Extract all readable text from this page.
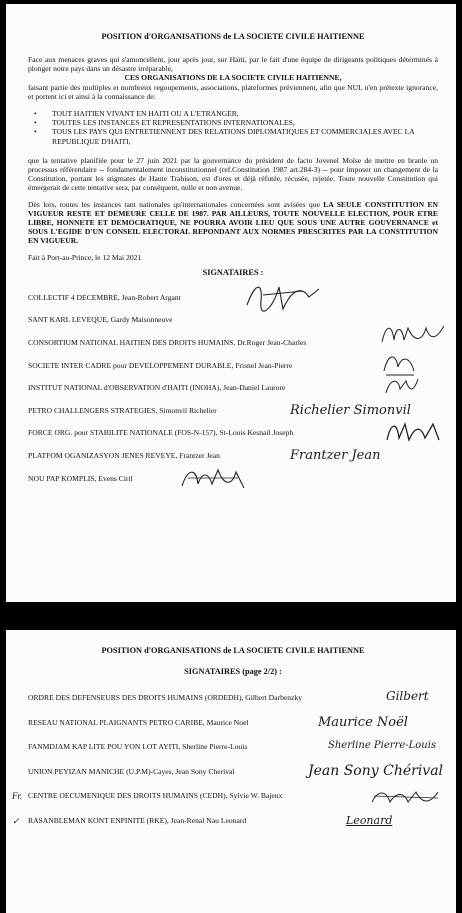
POSITION d'ORGANISATIONS de LA SOCIETE CIVILE HAITIENNE

Face aux menaces graves qui s'amoncellent, jour après jour, sur Haïti, par le fait d'une équipe de dirigeants politiques déterminés à plonger notre pays dans un désastre irréparable,

CES ORGANISATIONS DE LA SOCIETE CIVILE HAITIENNE,

faisant partie des multiples et nombreux regoupements, associations, plateformes préviennent, afin que NUL n'en prétexte ignorance, et portent ici et ainsi à la connaissance de:

• TOUT HAITIEN VIVANT EN HAITI OU A L'ETRANGER,
• TOUTES LES INSTANCES ET REPRESENTATIONS INTERNATIONALES,
• TOUS LES PAYS QUI ENTRETIENNENT DES RELATIONS DIPLOMATIQUES ET COMMERCIALES AVEC LA REPUBLIQUE D'HAITI,

que la tentative planifiée pour le 27 juin 2021 par la gouvernance du président de facto Jovenel Moïse de mettre en branle un processus référendaire -- fondamentalement inconstitutionnel (ref.Constitution 1987 art.284-3) -- pour imposer un changement de la Constitution, portant les stigmates de Haute Trahison, est d'ores et déjà réfutée, récusée, rejetée. Toute nouvelle Constitution qui émergerait de cette tentative sera, par conséquent, nulle et non avenue.

Dès lors, toutes les instances tant nationales qu'internationales concernées sont avisées que LA SEULE CONSTITUTION EN VIGUEUR RESTE ET DEMEURE CELLE DE 1987. PAR AILLEURS, TOUTE NOUVELLE ELECTION, POUR ETRE LIBRE, HONNETE ET DEMOCRATIQUE, NE POURRA AVOIR LIEU QUE SOUS UNE AUTRE GOUVERNANCE et SOUS L'EGIDE D'UN CONSEIL ELECTORAL REPONDANT AUX NORMES PRESCRITES PAR LA CONSTITUTION EN VIGUEUR.

Fait à Port-au-Prince, le 12 Mai 2021

SIGNATAIRES :
COLLECTIF 4 DECEMBRE, Jean-Robert Argant
SANT KARL LEVEQUE, Gardy Maisonneuve
CONSORTIUM NATIONAL HAITIEN DES DROITS HUMAINS, Dr.Roger Jean-Charles
SOCIETE INTER CADRE pour DEVELOPPEMENT DURABLE, Frisnel Jean-Pierre
INSTITUT NATIONAL d'OBSERVATION d'HAITI (INOHA), Jean-Daniel Laurore
PETRO CHALLENGERS STRATEGIES, Simonvil Richelier	Richelier Simonvil
FORCE ORG. pour STABILITE NATIONALE (FOS-N-157), St-Louis Kesnail Joseph
PLATFOM OGANIZASYON JENES REVEYE, Frantzer Jean	Frantzer Jean
NOU PAP KOMPLIS, Evens Ciril
POSITION d'ORGANISATIONS de LA SOCIETE CIVILE HAITIENNE
SIGNATAIRES (page 2/2) :
ORDRE DES DEFENSEURS DES DROITS HUMAINS (ORDEDH), Gilbert Darbenzky	Gilbert
RESEAU NATIONAL PLAIGNANTS PETRO CARIBE, Maurice Noel	Maurice Noël
FANMDJAM KAP LITE POU YON LOT AYITI, Sherline Pierre-Louis	Sherline Pierre-Louis
UNION PEYIZAN MANICHE (U.P.M)-Cayes, Jean Sony Cherival	Jean Sony Chérival
Fr. CENTRE OECUMENIQUE DES DROITS HUMAINS (CEDH), Sylvie W. Bajeux
✓ RASANBLEMAN KONT ENPINITE (RKE), Jean-Renal Nau Leonard	Leonard
